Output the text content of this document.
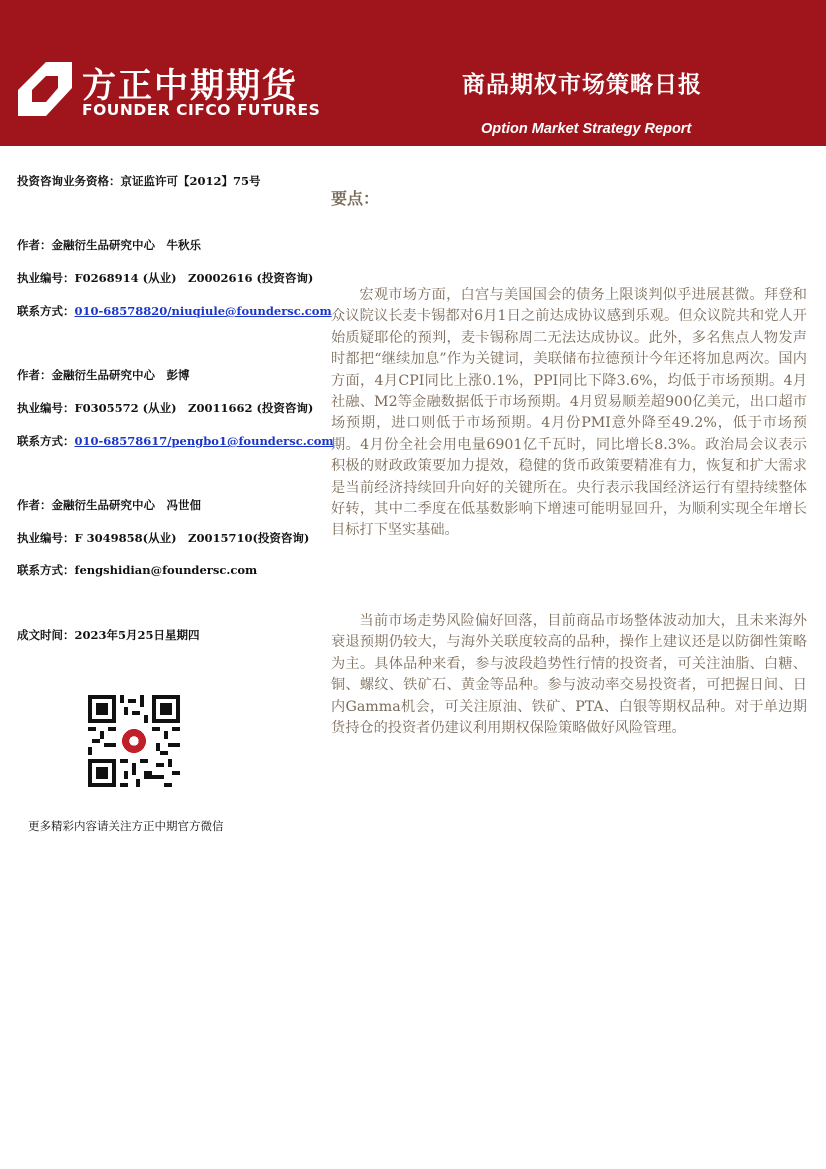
方正中期期货
FOUNDER CIFCO FUTURES
商品期权市场策略日报
Option Market Strategy Report
投资咨询业务资格：京证监许可【2012】75号
作者：金融衍生品研究中心　牛秋乐
执业编号：F0268914 (从业)　Z0002616 (投资咨询)
联系方式：010-68578820/niuqiule@foundersc.com
作者：金融衍生品研究中心　彭博
执业编号：F0305572 (从业)　Z0011662 (投资咨询)
联系方式：010-68578617/pengbo1@foundersc.com
作者：金融衍生品研究中心　冯世佃
执业编号：F 3049858(从业)　Z0015710(投资咨询)
联系方式：fengshidian@foundersc.com
成文时间：2023年5月25日星期四
更多精彩内容请关注方正中期官方微信
要点：

宏观市场方面，白宫与美国国会的债务上限谈判似乎进展甚微。拜登和众议院议长麦卡锡都对6月1日之前达成协议感到乐观。但众议院共和党人开始质疑耶伦的预判，麦卡锡称周二无法达成协议。此外，多名焦点人物发声时都把“继续加息”作为关键词，美联储布拉德预计今年还将加息两次。国内方面，4月CPI同比上涨0.1%，PPI同比下降3.6%，均低于市场预期。4月社融、M2等金融数据低于市场预期。4月贸易顺差超900亿美元，出口超市场预期，进口则低于市场预期。4月份PMI意外降至49.2%，低于市场预期。4月份全社会用电量6901亿千瓦时，同比增长8.3%。政治局会议表示积极的财政政策要加力提效，稳健的货币政策要精准有力，恢复和扩大需求是当前经济持续回升向好的关键所在。央行表示我国经济运行有望持续整体好转，其中二季度在低基数影响下增速可能明显回升，为顺利实现全年增长目标打下坚实基础。

当前市场走势风险偏好回落，目前商品市场整体波动加大，且未来海外衰退预期仍较大，与海外关联度较高的品种，操作上建议还是以防御性策略为主。具体品种来看，参与波段趋势性行情的投资者，可关注油脂、白糖、铜、螺纹、铁矿石、黄金等品种。参与波动率交易投资者，可把握日间、日内Gamma机会，可关注原油、铁矿、PTA、白银等期权品种。对于单边期货持仓的投资者仍建议利用期权保险策略做好风险管理。
